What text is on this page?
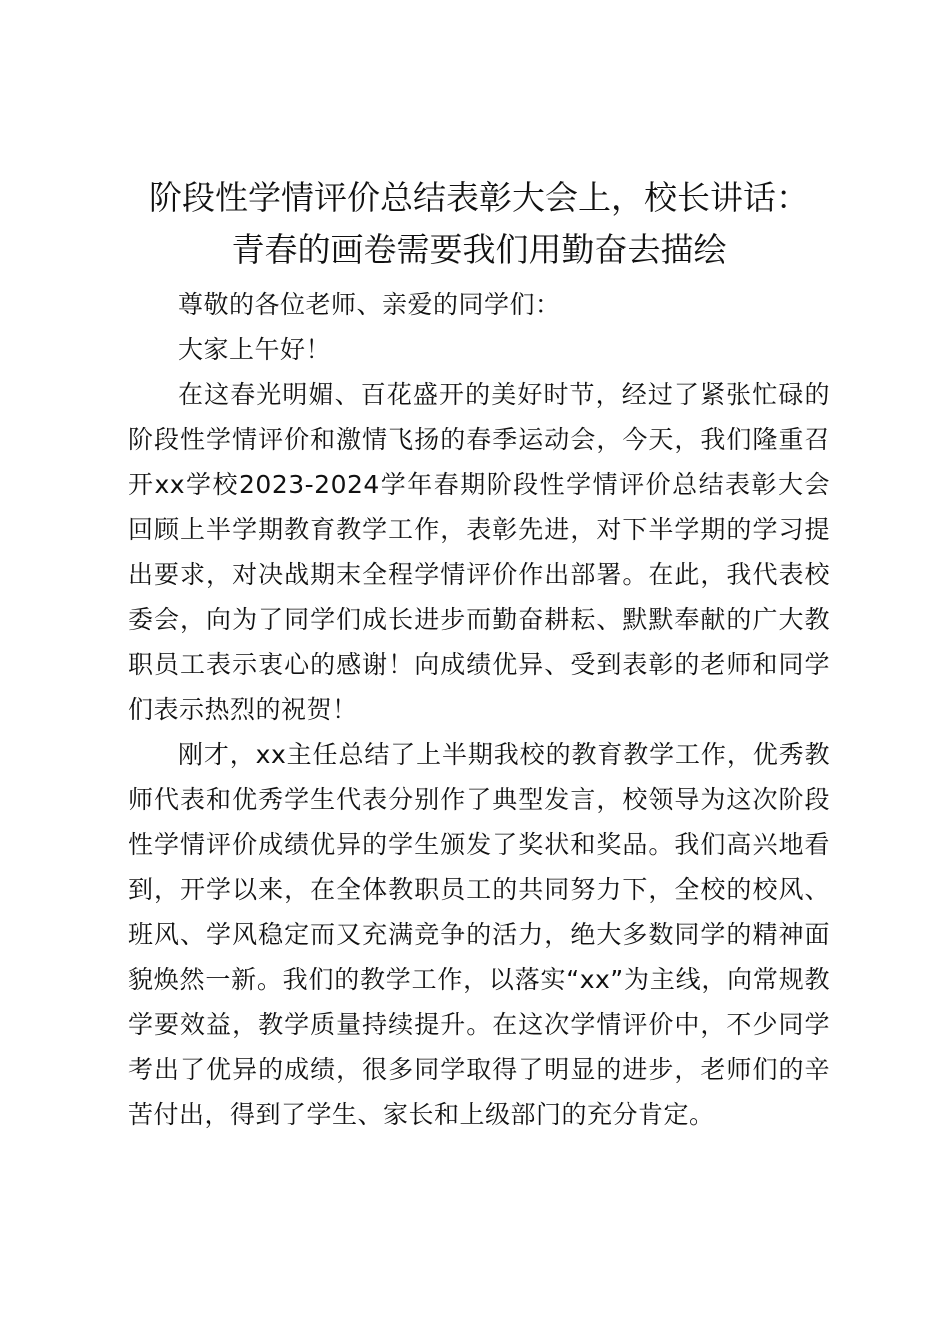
阶段性学情评价总结表彰大会上，校长讲话：
青春的画卷需要我们用勤奋去描绘

尊敬的各位老师、亲爱的同学们：

大家上午好！

在这春光明媚、百花盛开的美好时节，经过了紧张忙碌的阶段性学情评价和激情飞扬的春季运动会，今天，我们隆重召开xx学校2023-2024学年春期阶段性学情评价总结表彰大会回顾上半学期教育教学工作，表彰先进，对下半学期的学习提出要求，对决战期末全程学情评价作出部署。在此，我代表校委会，向为了同学们成长进步而勤奋耕耘、默默奉献的广大教职员工表示衷心的感谢！向成绩优异、受到表彰的老师和同学们表示热烈的祝贺！

刚才，xx主任总结了上半期我校的教育教学工作，优秀教师代表和优秀学生代表分别作了典型发言，校领导为这次阶段性学情评价成绩优异的学生颁发了奖状和奖品。我们高兴地看到，开学以来，在全体教职员工的共同努力下，全校的校风、班风、学风稳定而又充满竞争的活力，绝大多数同学的精神面貌焕然一新。我们的教学工作，以落实“xx”为主线，向常规教学要效益，教学质量持续提升。在这次学情评价中，不少同学考出了优异的成绩，很多同学取得了明显的进步，老师们的辛苦付出，得到了学生、家长和上级部门的充分肯定。
